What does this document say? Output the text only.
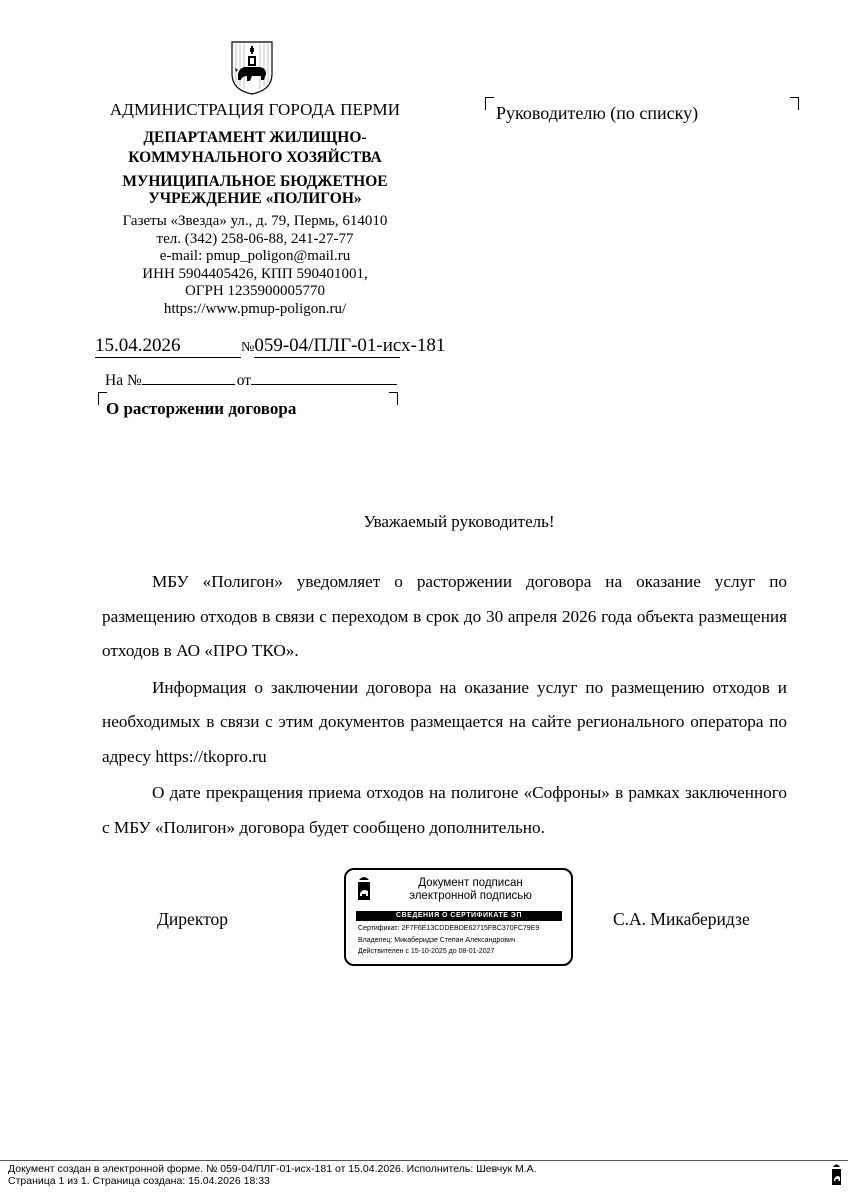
АДМИНИСТРАЦИЯ ГОРОДА ПЕРМИ
ДЕПАРТАМЕНТ ЖИЛИЩНО-
КОММУНАЛЬНОГО ХОЗЯЙСТВА
МУНИЦИПАЛЬНОЕ БЮДЖЕТНОЕ
УЧРЕЖДЕНИЕ «ПОЛИГОН»
Газеты «Звезда» ул., д. 79, Пермь, 614010
тел. (342) 258-06-88, 241-27-77
e-mail: pmup_poligon@mail.ru
ИНН 5904405426, КПП 590401001,
ОГРН 1235900005770
https://www.pmup-poligon.ru/
Руководителю (по списку)
15.04.2026	№059-04/ПЛГ-01-исх-181
На №	от
О расторжении договора
Уважаемый руководитель!

МБУ «Полигон» уведомляет о расторжении договора на оказание услуг по размещению отходов в связи с переходом в срок до 30 апреля 2026 года объекта размещения отходов в АО «ПРО ТКО».

Информация о заключении договора на оказание услуг по размещению отходов и необходимых в связи с этим документов размещается на сайте регионального оператора по адресу https://tkopro.ru

О дате прекращения приема отходов на полигоне «Софроны» в рамках заключенного с МБУ «Полигон» договора будет сообщено дополнительно.

Директор
Документ подписан
электронной подписью
СВЕДЕНИЯ О СЕРТИФИКАТЕ ЭП
Сертификат: 2F7F6E13CDDEBDE62715FBC370FC79E9
Владелец: Микаберидзе Степан Александрович
Действителен с 15-10-2025 до 08-01-2027
С.А. Микаберидзе
Документ создан в электронной форме. № 059-04/ПЛГ-01-исх-181 от 15.04.2026. Исполнитель: Шевчук М.А.
Страница 1 из 1. Страница создана: 15.04.2026 18:33
